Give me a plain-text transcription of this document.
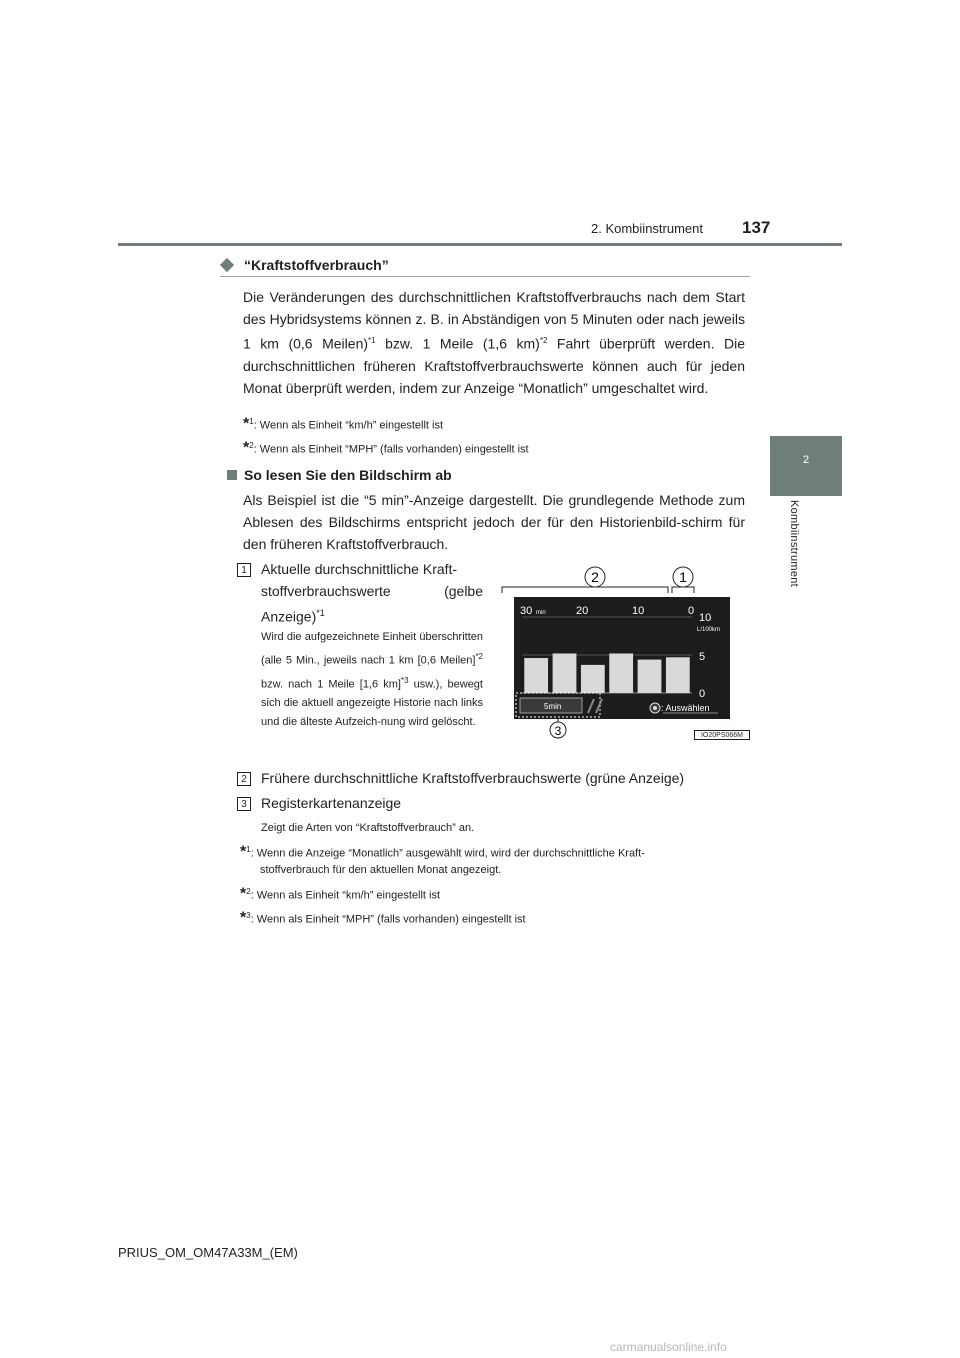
2. Kombiinstrument 137
2
Kombiinstrument
“Kraftstoffverbrauch”
Die Veränderungen des durchschnittlichen Kraftstoffverbrauchs nach dem Start des Hybridsystems können z. B. in Abständigen von 5 Minuten oder nach jeweils 1 km (0,6 Meilen)$^{*1}$ bzw. 1 Meile (1,6 km)$^{*2}$ Fahrt überprüft werden. Die durchschnittlichen früheren Kraftstoffverbrauchswerte können auch für jeden Monat überprüft werden, indem zur Anzeige “Monatlich” umgeschaltet wird.
*$^1$: Wenn als Einheit “km/h” eingestellt ist
*$^2$: Wenn als Einheit “MPH” (falls vorhanden) eingestellt ist
So lesen Sie den Bildschirm ab
Als Beispiel ist die “5 min”-Anzeige dargestellt. Die grundlegende Methode zum Ablesen des Bildschirms entspricht jedoch der für den Historienbild-schirm für den früheren Kraftstoffverbrauch.
1	Aktuelle durchschnittliche Kraft-
stoffverbrauchswerte (gelbe
Anzeige)$^{*1}$
Wird die aufgezeichnete Einheit überschritten (alle 5 Min., jeweils nach 1 km [0,6 Meilen]$^{*2}$ bzw. nach 1 Meile [1,6 km]$^{*3}$ usw.), bewegt sich die aktuell angezeigte Historie nach links und die älteste Aufzeich-nung wird gelöscht.
2	1
30 min	20	10	0
10
L/100km
5
0
5min	: Auswählen
3	IO20PS066M
2	Frühere durchschnittliche Kraftstoffverbrauchswerte (grüne Anzeige)
3	Registerkartenanzeige
Zeigt die Arten von “Kraftstoffverbrauch” an.
*$^1$: Wenn die Anzeige “Monatlich” ausgewählt wird, wird der durchschnittliche Kraft-
stoffverbrauch für den aktuellen Monat angezeigt.
*$^2$: Wenn als Einheit “km/h” eingestellt ist
*$^3$: Wenn als Einheit “MPH” (falls vorhanden) eingestellt ist
PRIUS_OM_OM47A33M_(EM)
carmanualsonline.info
